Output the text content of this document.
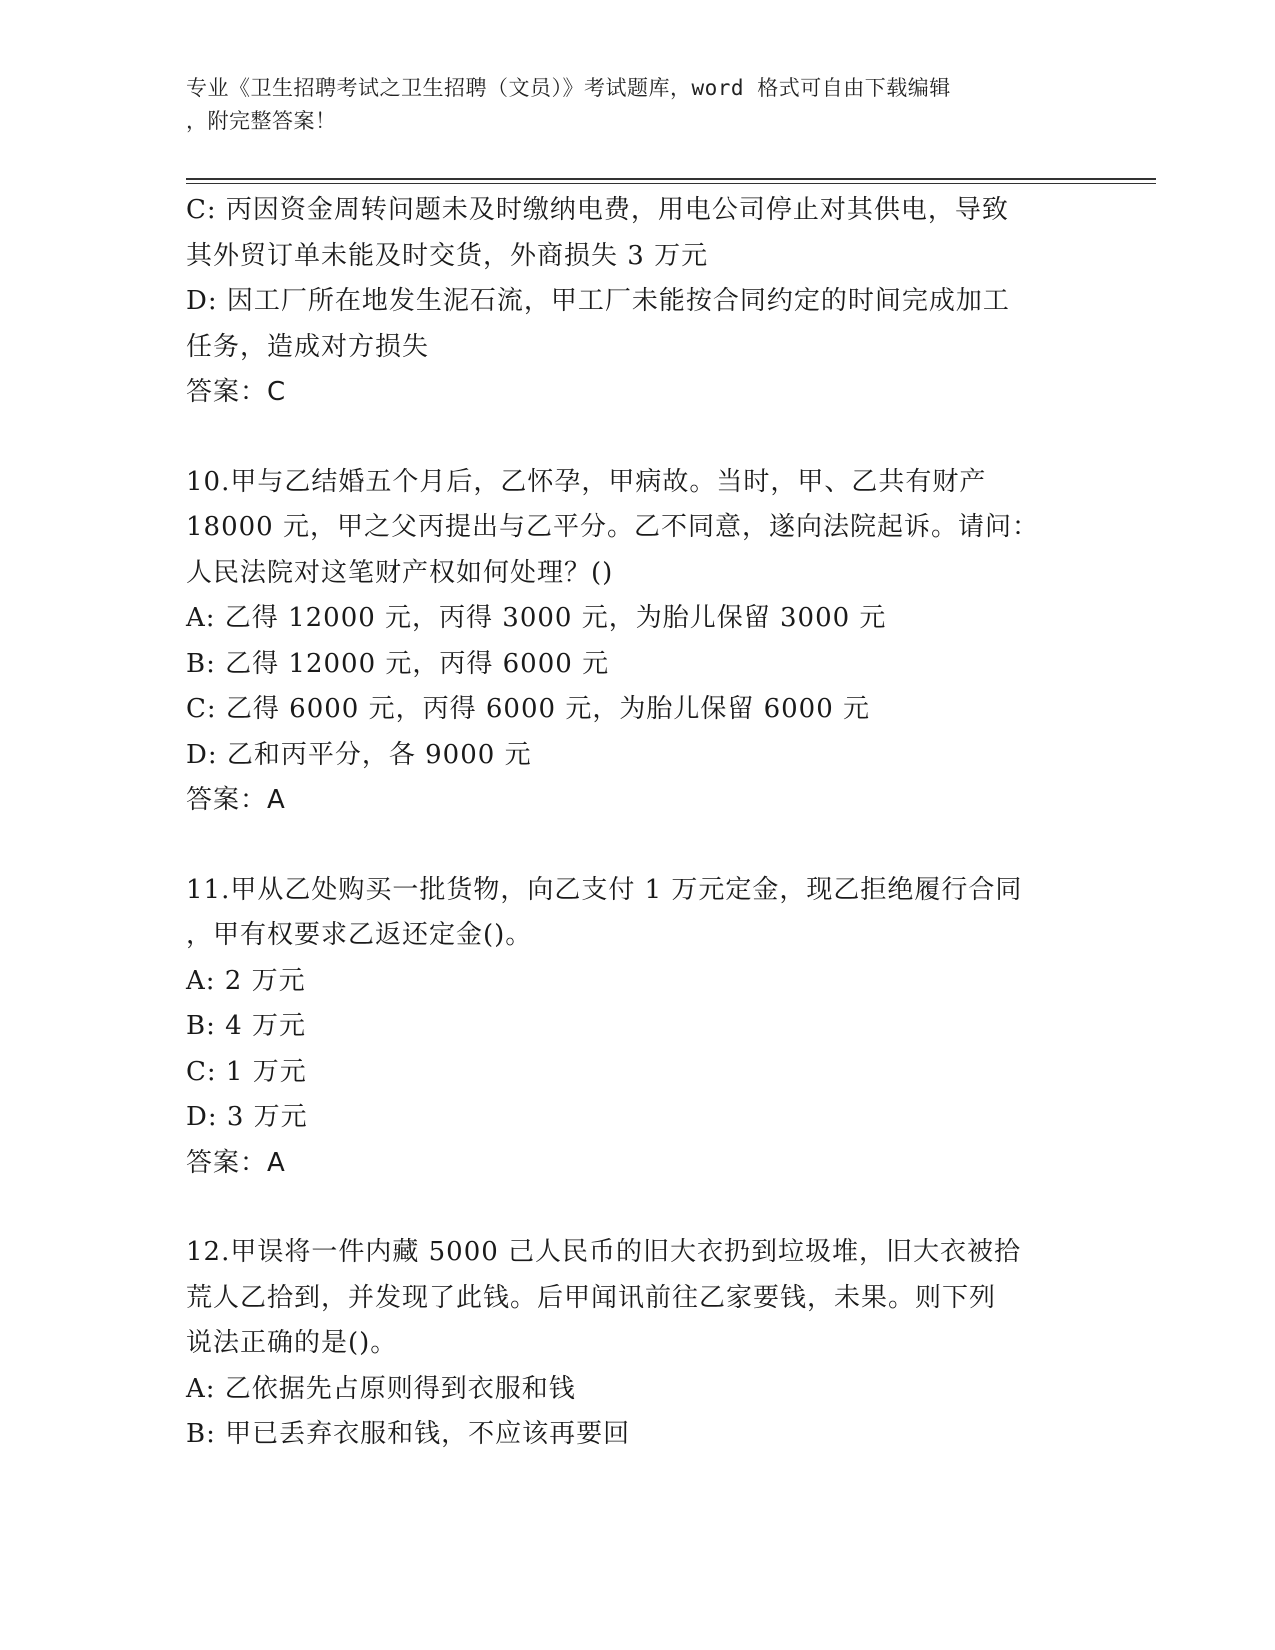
专业《卫生招聘考试之卫生招聘（文员）》考试题库，word 格式可自由下载编辑
，附完整答案！
C: 丙因资金周转问题未及时缴纳电费，用电公司停止对其供电，导致
其外贸订单未能及时交货，外商损失 3 万元
D: 因工厂所在地发生泥石流，甲工厂未能按合同约定的时间完成加工
任务，造成对方损失
答案：C
10.甲与乙结婚五个月后，乙怀孕，甲病故。当时，甲、乙共有财产
18000 元，甲之父丙提出与乙平分。乙不同意，遂向法院起诉。请问：
人民法院对这笔财产权如何处理？()
A: 乙得 12000 元，丙得 3000 元，为胎儿保留 3000 元
B: 乙得 12000 元，丙得 6000 元
C: 乙得 6000 元，丙得 6000 元，为胎儿保留 6000 元
D: 乙和丙平分，各 9000 元
答案：A
11.甲从乙处购买一批货物，向乙支付 1 万元定金，现乙拒绝履行合同
，甲有权要求乙返还定金()。
A: 2 万元
B: 4 万元
C: 1 万元
D: 3 万元
答案：A
12.甲误将一件内藏 5000 己人民币的旧大衣扔到垃圾堆，旧大衣被拾
荒人乙拾到，并发现了此钱。后甲闻讯前往乙家要钱，未果。则下列
说法正确的是()。
A: 乙依据先占原则得到衣服和钱
B: 甲已丢弃衣服和钱，不应该再要回
